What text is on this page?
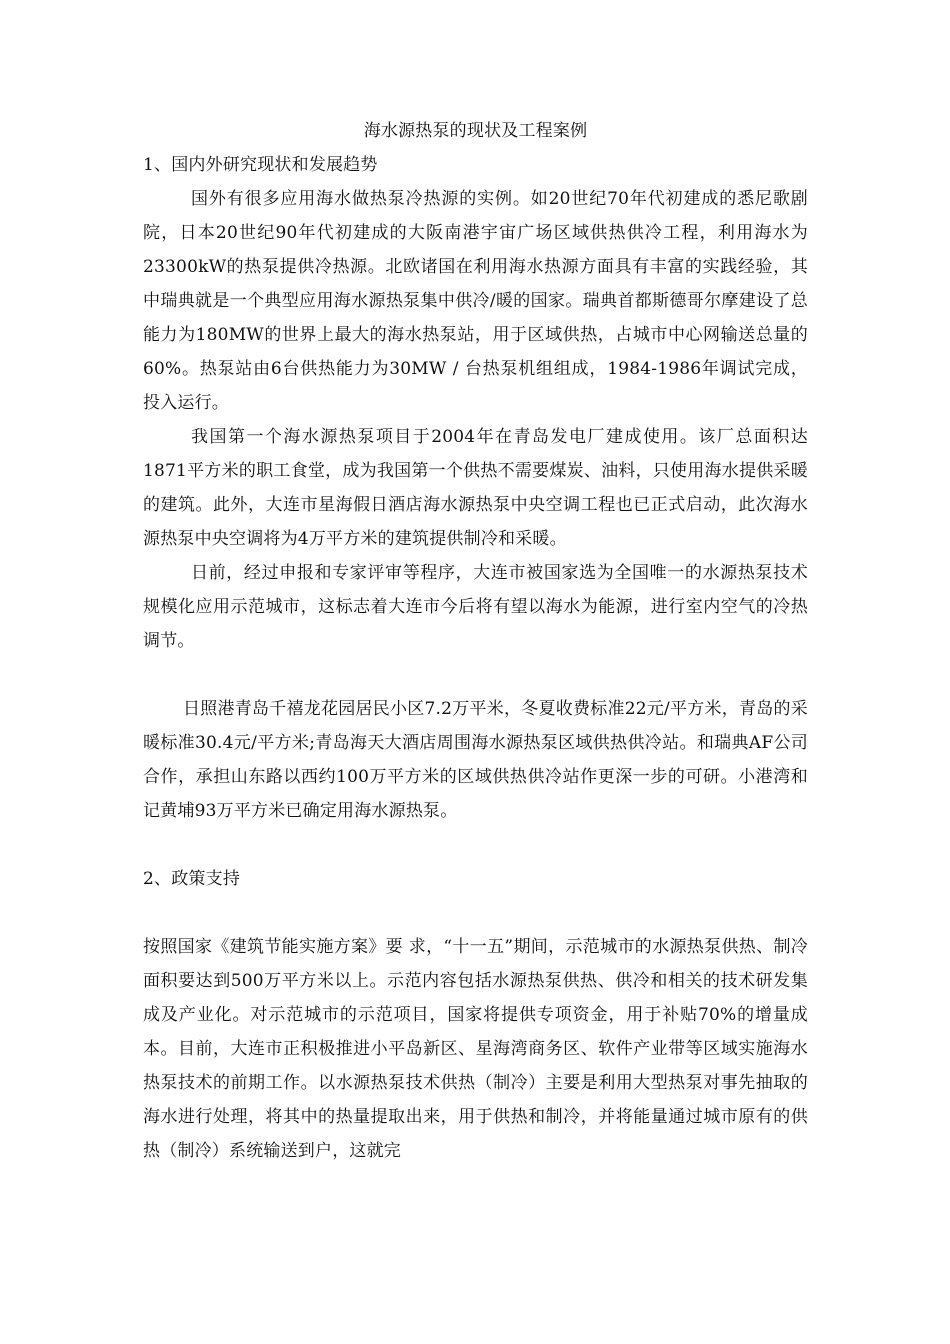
海水源热泵的现状及工程案例

1、国内外研究现状和发展趋势

国外有很多应用海水做热泵冷热源的实例。如20世纪70年代初建成的悉尼歌剧院，日本20世纪90年代初建成的大阪南港宇宙广场区域供热供冷工程，利用海水为23300kW的热泵提供冷热源。北欧诸国在利用海水热源方面具有丰富的实践经验，其中瑞典就是一个典型应用海水源热泵集中供冷/暖的国家。瑞典首都斯德哥尔摩建设了总能力为180MW的世界上最大的海水热泵站，用于区域供热，占城市中心网输送总量的60%。热泵站由6台供热能力为30MW / 台热泵机组组成，1984-1986年调试完成，投入运行。

我国第一个海水源热泵项目于2004年在青岛发电厂建成使用。该厂总面积达1871平方米的职工食堂，成为我国第一个供热不需要煤炭、油料，只使用海水提供采暖的建筑。此外，大连市星海假日酒店海水源热泵中央空调工程也已正式启动，此次海水源热泵中央空调将为4万平方米的建筑提供制冷和采暖。

日前，经过申报和专家评审等程序，大连市被国家选为全国唯一的水源热泵技术规模化应用示范城市，这标志着大连市今后将有望以海水为能源，进行室内空气的冷热调节。

日照港青岛千禧龙花园居民小区7.2万平米，冬夏收费标准22元/平方米，青岛的采暖标准30.4元/平方米;青岛海天大酒店周围海水源热泵区域供热供冷站。和瑞典AF公司合作，承担山东路以西约100万平方米的区域供热供冷站作更深一步的可研。小港湾和记黄埔93万平方米已确定用海水源热泵。

2、政策支持

按照国家《建筑节能实施方案》要 求，“十一五”期间，示范城市的水源热泵供热、制冷面积要达到500万平方米以上。示范内容包括水源热泵供热、供冷和相关的技术研发集成及产业化。对示范城市的示范项目，国家将提供专项资金，用于补贴70%的增量成本。目前，大连市正积极推进小平岛新区、星海湾商务区、软件产业带等区域实施海水热泵技术的前期工作。以水源热泵技术供热（制冷）主要是利用大型热泵对事先抽取的海水进行处理，将其中的热量提取出来，用于供热和制冷，并将能量通过城市原有的供热（制冷）系统输送到户，这就完
